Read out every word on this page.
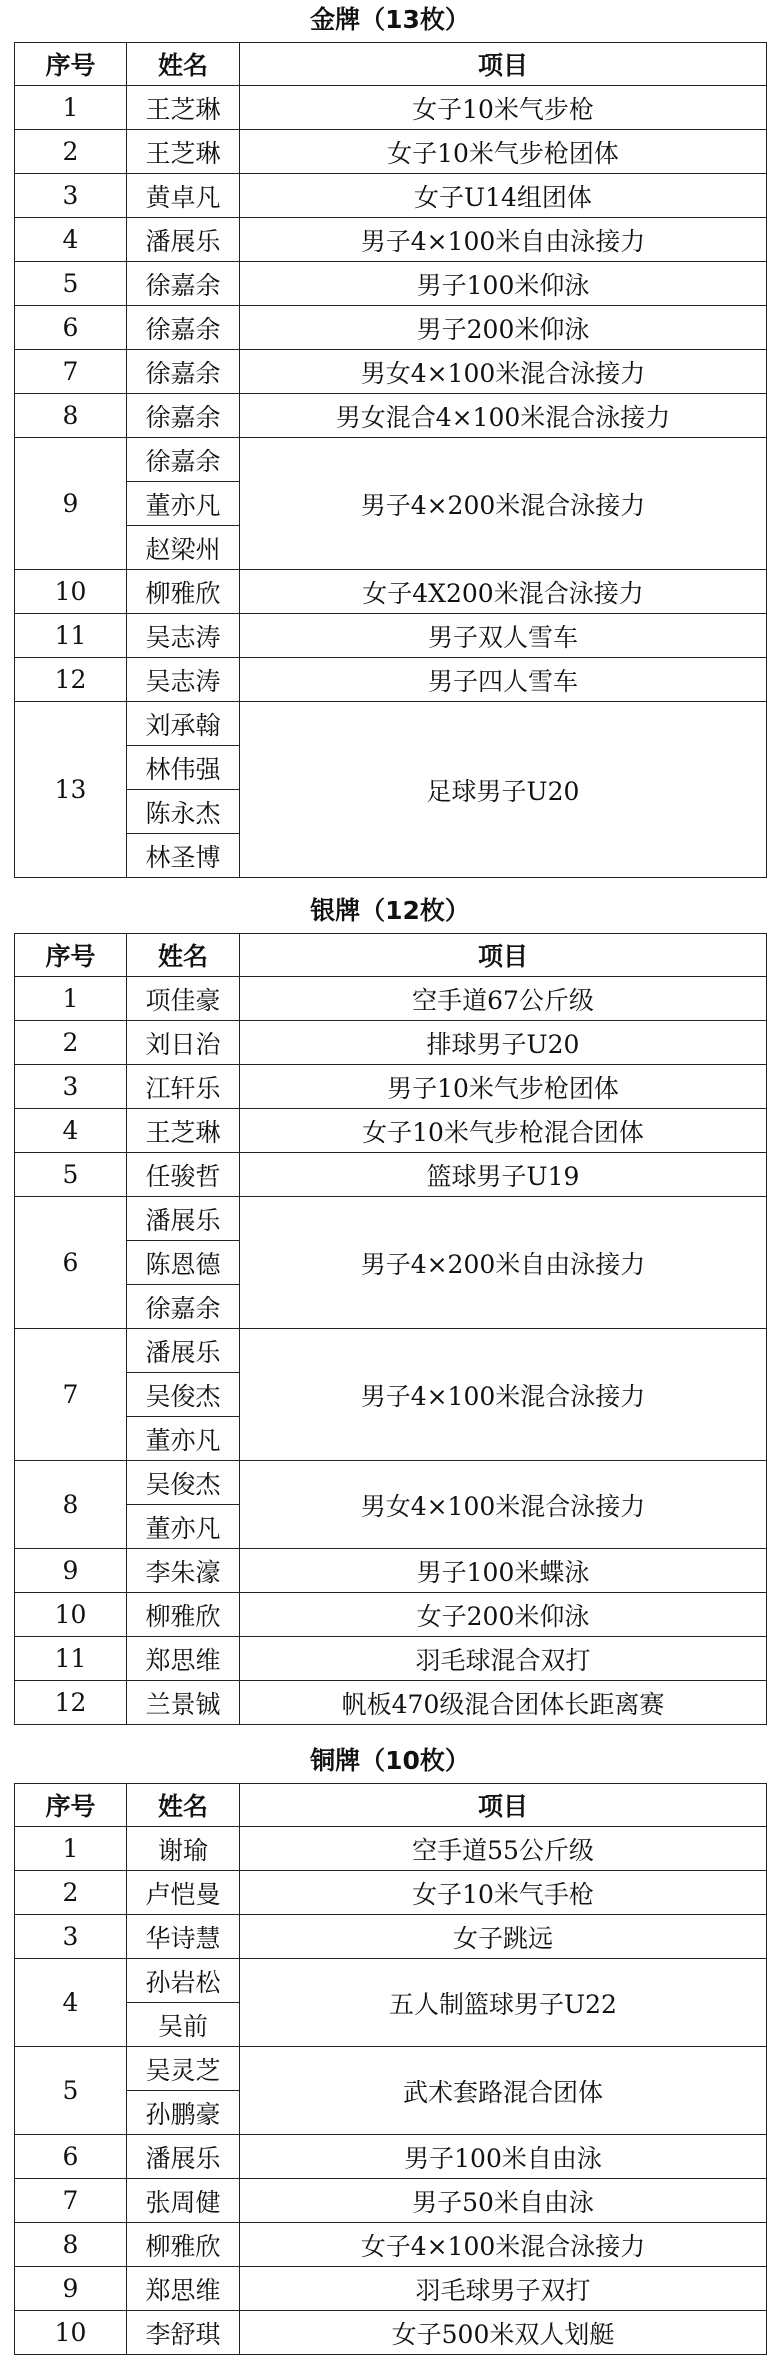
金牌（13枚）
序号	姓名	项目
1	王芝琳	女子10米气步枪
2	王芝琳	女子10米气步枪团体
3	黄卓凡	女子U14组团体
4	潘展乐	男子4×100米自由泳接力
5	徐嘉余	男子100米仰泳
6	徐嘉余	男子200米仰泳
7	徐嘉余	男女4×100米混合泳接力
8	徐嘉余	男女混合4×100米混合泳接力
9	徐嘉余	男子4×200米混合泳接力
	董亦凡	
	赵梁州	
10	柳雅欣	女子4X200米混合泳接力
11	吴志涛	男子双人雪车
12	吴志涛	男子四人雪车
13	刘承翰	足球男子U20
	林伟强	
	陈永杰	
	林圣博	
银牌（12枚）
序号	姓名	项目
1	项佳豪	空手道67公斤级
2	刘日治	排球男子U20
3	江轩乐	男子10米气步枪团体
4	王芝琳	女子10米气步枪混合团体
5	任骏哲	篮球男子U19
6	潘展乐	男子4×200米自由泳接力
	陈恩德	
	徐嘉余	
7	潘展乐	男子4×100米混合泳接力
	吴俊杰	
	董亦凡	
8	吴俊杰	男女4×100米混合泳接力
	董亦凡	
9	李朱濠	男子100米蝶泳
10	柳雅欣	女子200米仰泳
11	郑思维	羽毛球混合双打
12	兰景铖	帆板470级混合团体长距离赛
铜牌（10枚）
序号	姓名	项目
1	谢瑜	空手道55公斤级
2	卢恺曼	女子10米气手枪
3	华诗慧	女子跳远
4	孙岩松	五人制篮球男子U22
	吴前	
5	吴灵芝	武术套路混合团体
	孙鹏豪	
6	潘展乐	男子100米自由泳
7	张周健	男子50米自由泳
8	柳雅欣	女子4×100米混合泳接力
9	郑思维	羽毛球男子双打
10	李舒琪	女子500米双人划艇
